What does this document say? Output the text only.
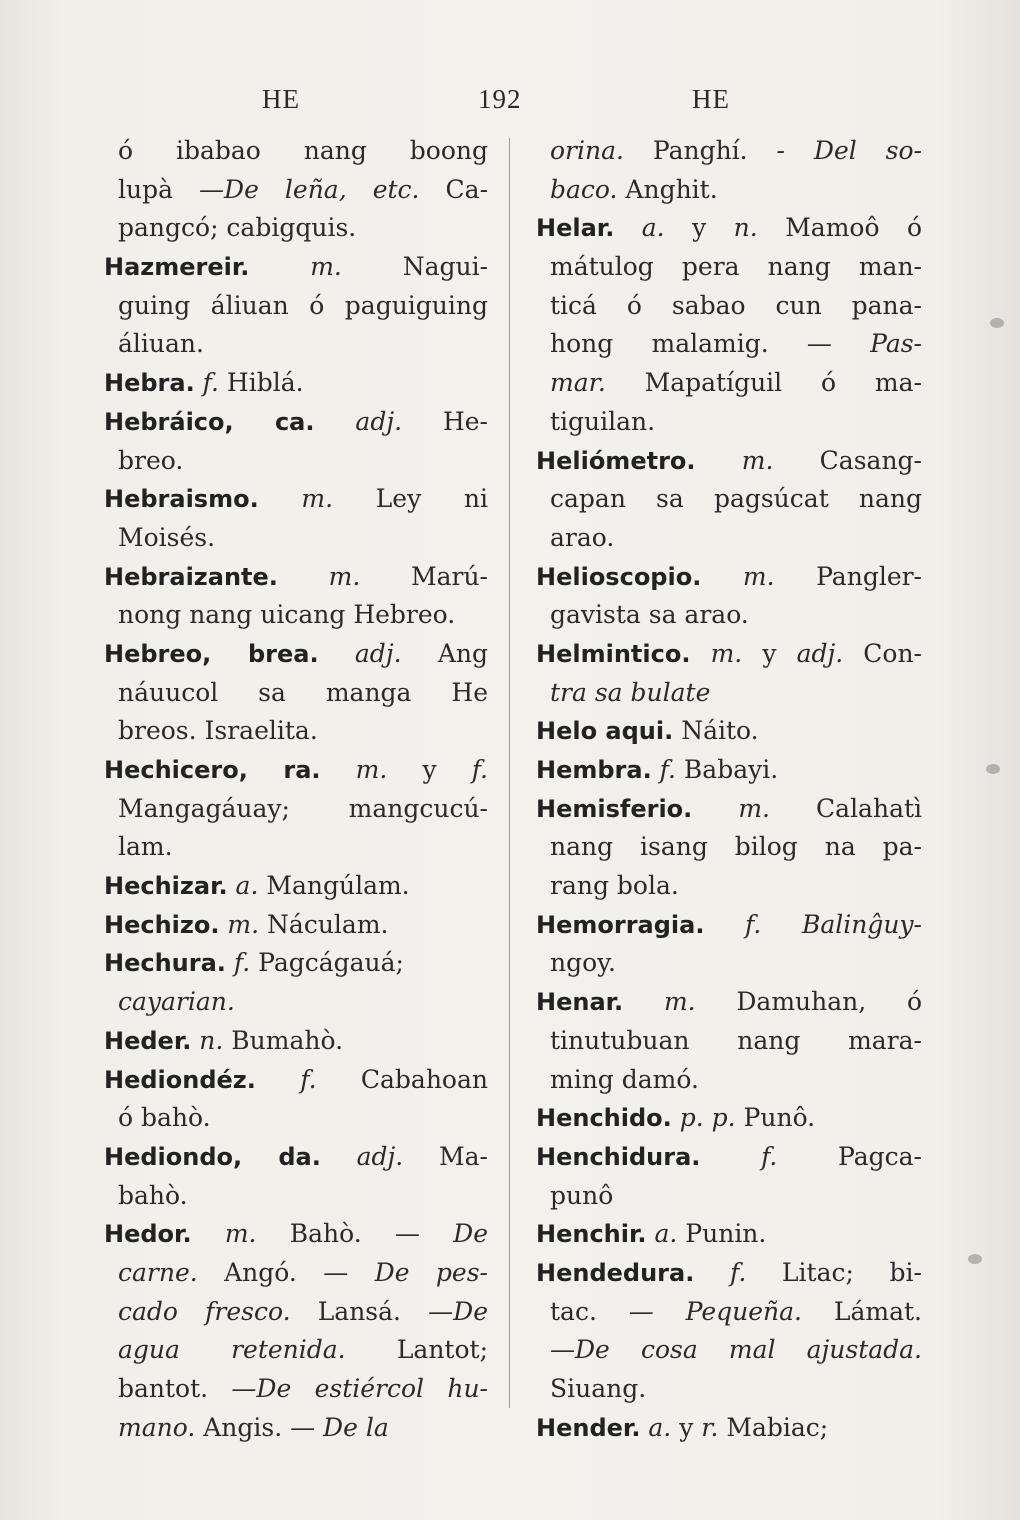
HE	192	HE
ó ibabao nang boong
lupà —De leña, etc. Ca-
pangcó; cabigquis.
Hazmereir. m. Nagui-
guing áliuan ó paguiguing
áliuan.
Hebra. f. Hiblá.
Hebráico, ca. adj. He-
breo.
Hebraismo. m. Ley ni
Moisés.
Hebraizante. m. Marú-
nong nang uicang Hebreo.
Hebreo, brea. adj. Ang
náuucol sa manga He
breos. Israelita.
Hechicero, ra. m. y f.
Mangagáuay; mangcucú-
lam.
Hechizar. a. Mangúlam.
Hechizo. m. Náculam.
Hechura. f. Pagcágauá;
cayarian.
Heder. n. Bumahò.
Hediondéz. f. Cabahoan
ó bahò.
Hediondo, da. adj. Ma-
bahò.
Hedor. m. Bahò. — De
carne. Angó. — De pes-
cado fresco. Lansá. —De
agua retenida. Lantot;
bantot. —De estiércol hu-
mano. Angis. — De la
orina. Panghí. - Del so-
baco. Anghit.
Helar. a. y n. Mamoô ó
mátulog pera nang man-
ticá ó sabao cun pana-
hong malamig. — Pas-
mar. Mapatíguil ó ma-
tiguilan.
Heliómetro. m. Casang-
capan sa pagsúcat nang
arao.
Helioscopio. m. Pangler-
gavista sa arao.
Helmintico. m. y adj. Con-
tra sa bulate
Helo aqui. Náito.
Hembra. f. Babayi.
Hemisferio. m. Calahatì
nang isang bilog na pa-
rang bola.
Hemorragia. f. Balinĝuy-
ngoy.
Henar. m. Damuhan, ó
tinutubuan nang mara-
ming damó.
Henchido. p. p. Punô.
Henchidura. f. Pagca-
punô
Henchir. a. Punin.
Hendedura. f. Litac; bi-
tac. — Pequeña. Lámat.
—De cosa mal ajustada.
Siuang.
Hender. a. y r. Mabiac;
